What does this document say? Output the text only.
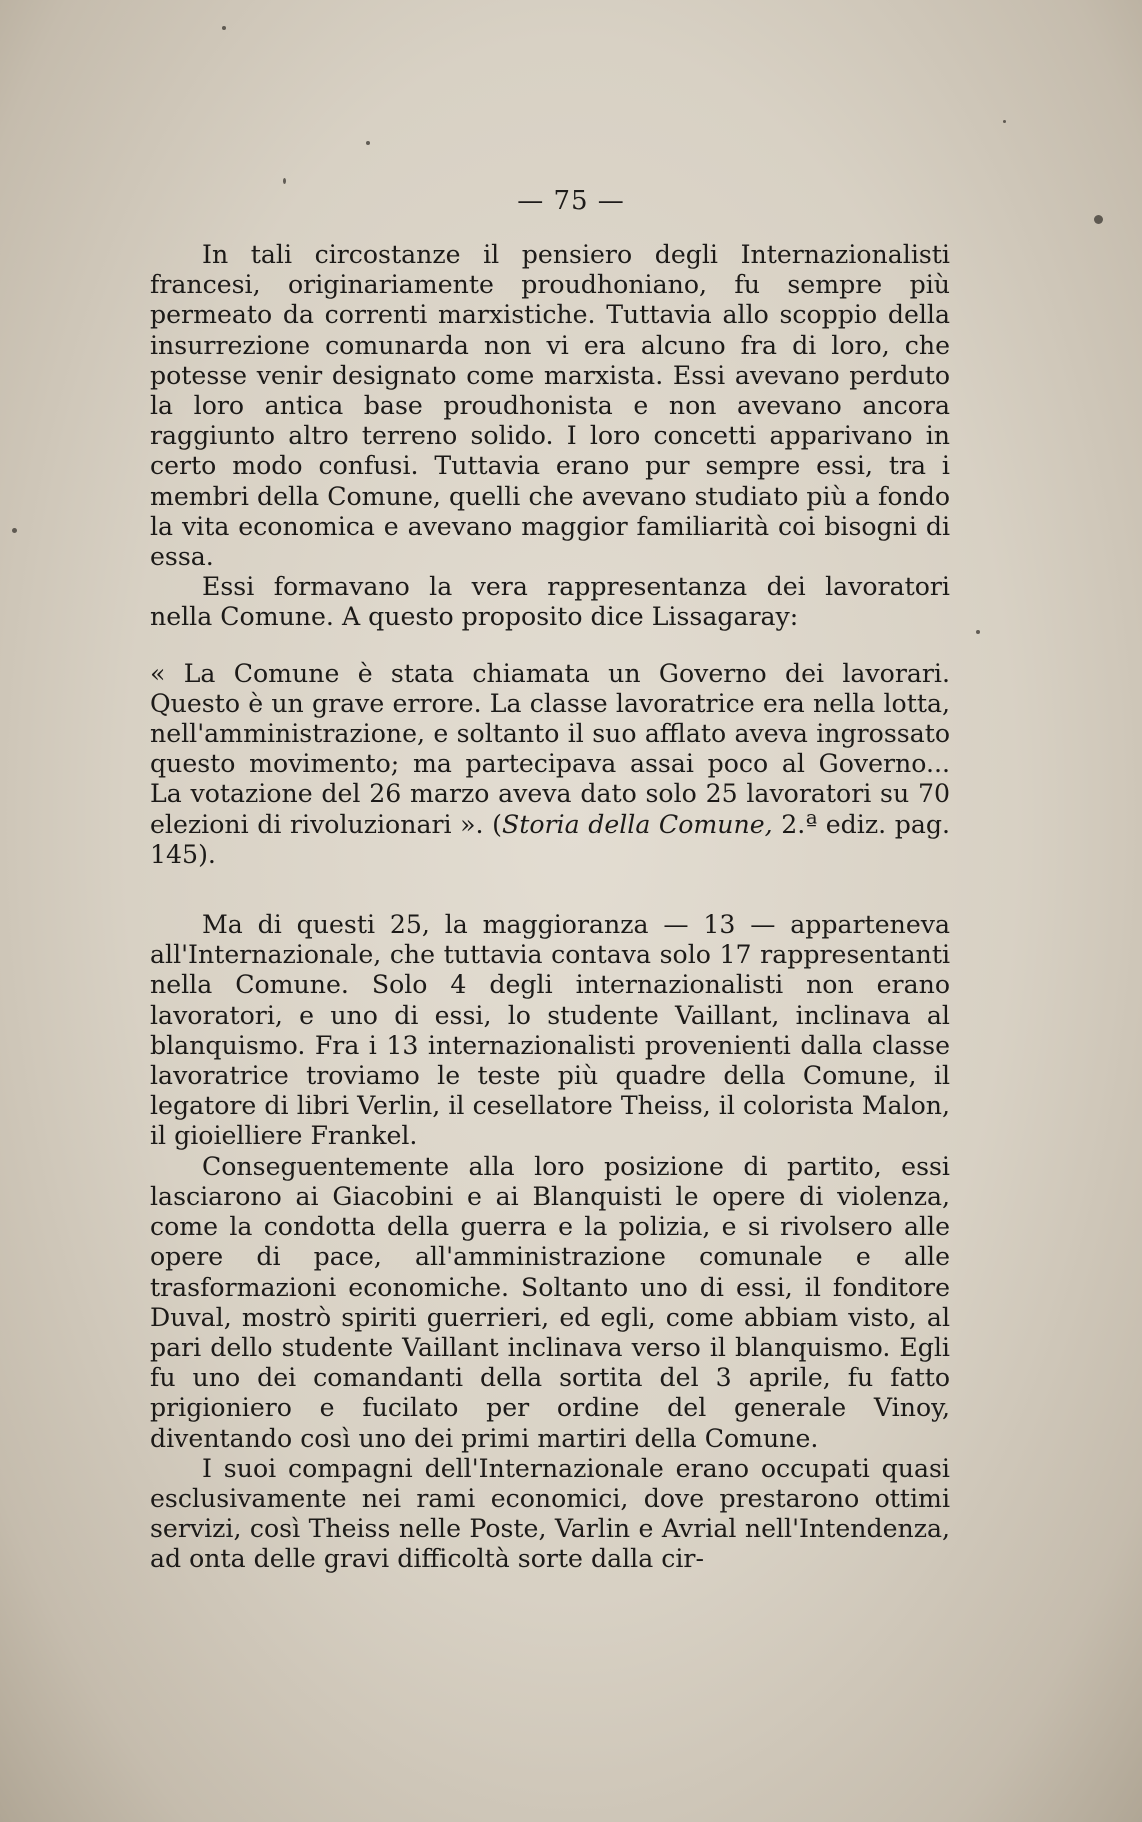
— 75 —

In tali circostanze il pensiero degli Internazionalisti francesi, originariamente proudhoniano, fu sempre più permeato da correnti marxistiche. Tuttavia allo scoppio della insurrezione comunarda non vi era alcuno fra di loro, che potesse venir designato come marxista. Essi avevano perduto la loro antica base proudhonista e non avevano ancora raggiunto altro terreno solido. I loro concetti apparivano in certo modo confusi. Tuttavia erano pur sempre essi, tra i membri della Comune, quelli che avevano studiato più a fondo la vita economica e avevano maggior familiarità coi bisogni di essa.

Essi formavano la vera rappresentanza dei lavoratori nella Comune. A questo proposito dice Lissagaray:

« La Comune è stata chiamata un Governo dei lavorari. Questo è un grave errore. La classe lavoratrice era nella lotta, nell'amministrazione, e soltanto il suo afflato aveva ingrossato questo movimento; ma partecipava assai poco al Governo... La votazione del 26 marzo aveva dato solo 25 lavoratori su 70 elezioni di rivoluzionari ». (Storia della Comune, 2.ª ediz. pag. 145).

Ma di questi 25, la maggioranza — 13 — apparteneva all'Internazionale, che tuttavia contava solo 17 rappresentanti nella Comune. Solo 4 degli internazionalisti non erano lavoratori, e uno di essi, lo studente Vaillant, inclinava al blanquismo. Fra i 13 internazionalisti provenienti dalla classe lavoratrice troviamo le teste più quadre della Comune, il legatore di libri Verlin, il cesellatore Theiss, il colorista Malon, il gioielliere Frankel.

Conseguentemente alla loro posizione di partito, essi lasciarono ai Giacobini e ai Blanquisti le opere di violenza, come la condotta della guerra e la polizia, e si rivolsero alle opere di pace, all'amministrazione comunale e alle trasformazioni economiche. Soltanto uno di essi, il fonditore Duval, mostrò spiriti guerrieri, ed egli, come abbiam visto, al pari dello studente Vaillant inclinava verso il blanquismo. Egli fu uno dei comandanti della sortita del 3 aprile, fu fatto prigioniero e fucilato per ordine del generale Vinoy, diventando così uno dei primi martiri della Comune.

I suoi compagni dell'Internazionale erano occupati quasi esclusivamente nei rami economici, dove prestarono ottimi servizi, così Theiss nelle Poste, Varlin e Avrial nell'Intendenza, ad onta delle gravi difficoltà sorte dalla cir-
